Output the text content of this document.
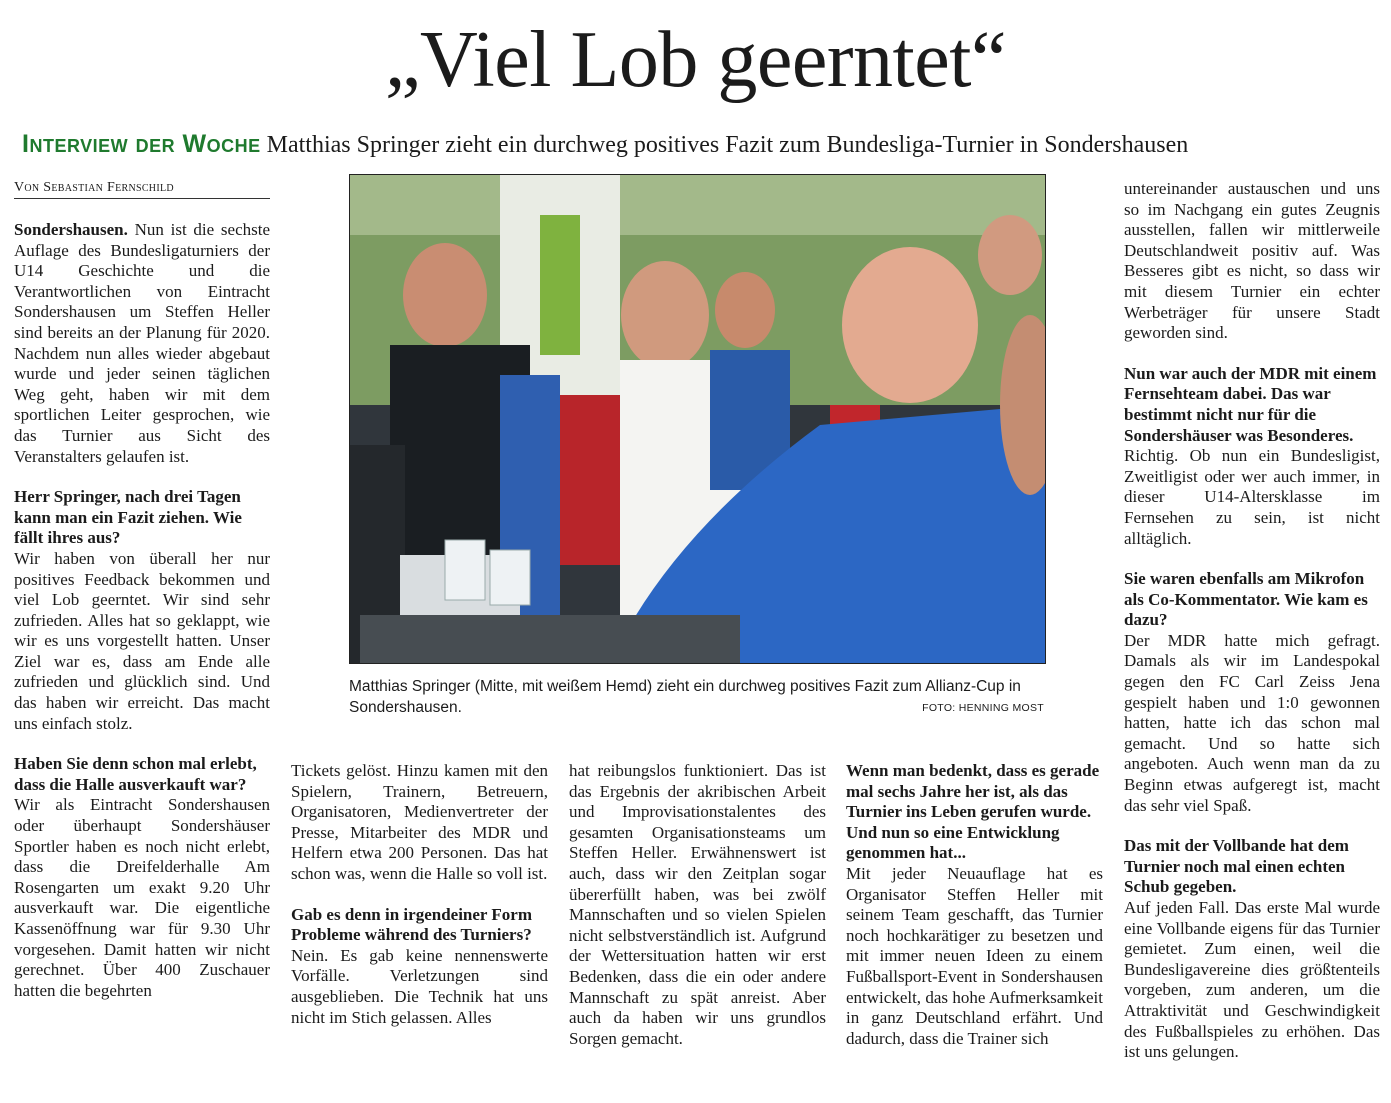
„Viel Lob geerntet“
Interview der Woche Matthias Springer zieht ein durchweg positives Fazit zum Bundesliga-Turnier in Sondershausen
Von Sebastian Fernschild

Sondershausen. Nun ist die sechste Auflage des Bundesligaturniers der U14 Geschichte und die Verantwortlichen von Eintracht Sondershausen um Steffen Heller sind bereits an der Planung für 2020. Nachdem nun alles wieder abgebaut wurde und jeder seinen täglichen Weg geht, haben wir mit dem sportlichen Leiter gesprochen, wie das Turnier aus Sicht des Veranstalters gelaufen ist.

Herr Springer, nach drei Tagen kann man ein Fazit ziehen. Wie fällt ihres aus?

Wir haben von überall her nur positives Feedback bekommen und viel Lob geerntet. Wir sind sehr zufrieden. Alles hat so geklappt, wie wir es uns vorgestellt hatten. Unser Ziel war es, dass am Ende alle zufrieden und glücklich sind. Und das haben wir erreicht. Das macht uns einfach stolz.

Haben Sie denn schon mal erlebt, dass die Halle ausverkauft war?

Wir als Eintracht Sondershausen oder überhaupt Sondershäuser Sportler haben es noch nicht erlebt, dass die Dreifelderhalle Am Rosengarten um exakt 9.20 Uhr ausverkauft war. Die eigentliche Kassenöffnung war für 9.30 Uhr vorgesehen. Damit hatten wir nicht gerechnet. Über 400 Zuschauer hatten die begehrten

Matthias Springer (Mitte, mit weißem Hemd) zieht ein durchweg positives Fazit zum Allianz-Cup in Sondershausen.	FOTO: HENNING MOST

Tickets gelöst. Hinzu kamen mit den Spielern, Trainern, Betreuern, Organisatoren, Medienvertreter der Presse, Mitarbeiter des MDR und Helfern etwa 200 Personen. Das hat schon was, wenn die Halle so voll ist.

Gab es denn in irgendeiner Form Probleme während des Turniers?

Nein. Es gab keine nennenswerte Vorfälle. Verletzungen sind ausgeblieben. Die Technik hat uns nicht im Stich gelassen. Alles

hat reibungslos funktioniert. Das ist das Ergebnis der akribischen Arbeit und Improvisationstalentes des gesamten Organisationsteams um Steffen Heller. Erwähnenswert ist auch, dass wir den Zeitplan sogar übererfüllt haben, was bei zwölf Mannschaften und so vielen Spielen nicht selbstverständlich ist. Aufgrund der Wettersituation hatten wir erst Bedenken, dass die ein oder andere Mannschaft zu spät anreist. Aber auch da haben wir uns grundlos Sorgen gemacht.

Wenn man bedenkt, dass es gerade mal sechs Jahre her ist, als das Turnier ins Leben gerufen wurde. Und nun so eine Entwicklung genommen hat...

Mit jeder Neuauflage hat es Organisator Steffen Heller mit seinem Team geschafft, das Turnier noch hochkarätiger zu besetzen und mit immer neuen Ideen zu einem Fußballsport-Event in Sondershausen entwickelt, das hohe Aufmerksamkeit in ganz Deutschland erfährt. Und dadurch, dass die Trainer sich

untereinander austauschen und uns so im Nachgang ein gutes Zeugnis ausstellen, fallen wir mittlerweile Deutschlandweit positiv auf. Was Besseres gibt es nicht, so dass wir mit diesem Turnier ein echter Werbeträger für unsere Stadt geworden sind.

Nun war auch der MDR mit einem Fernsehteam dabei. Das war bestimmt nicht nur für die Sondershäuser was Besonderes.

Richtig. Ob nun ein Bundesligist, Zweitligist oder wer auch immer, in dieser U14-Altersklasse im Fernsehen zu sein, ist nicht alltäglich.

Sie waren ebenfalls am Mikrofon als Co-Kommentator. Wie kam es dazu?

Der MDR hatte mich gefragt. Damals als wir im Landespokal gegen den FC Carl Zeiss Jena gespielt haben und 1:0 gewonnen hatten, hatte ich das schon mal gemacht. Und so hatte sich angeboten. Auch wenn man da zu Beginn etwas aufgeregt ist, macht das sehr viel Spaß.

Das mit der Vollbande hat dem Turnier noch mal einen echten Schub gegeben.

Auf jeden Fall. Das erste Mal wurde eine Vollbande eigens für das Turnier gemietet. Zum einen, weil die Bundesligavereine dies größtenteils vorgeben, zum anderen, um die Attraktivität und Geschwindigkeit des Fußballspieles zu erhöhen. Das ist uns gelungen.
